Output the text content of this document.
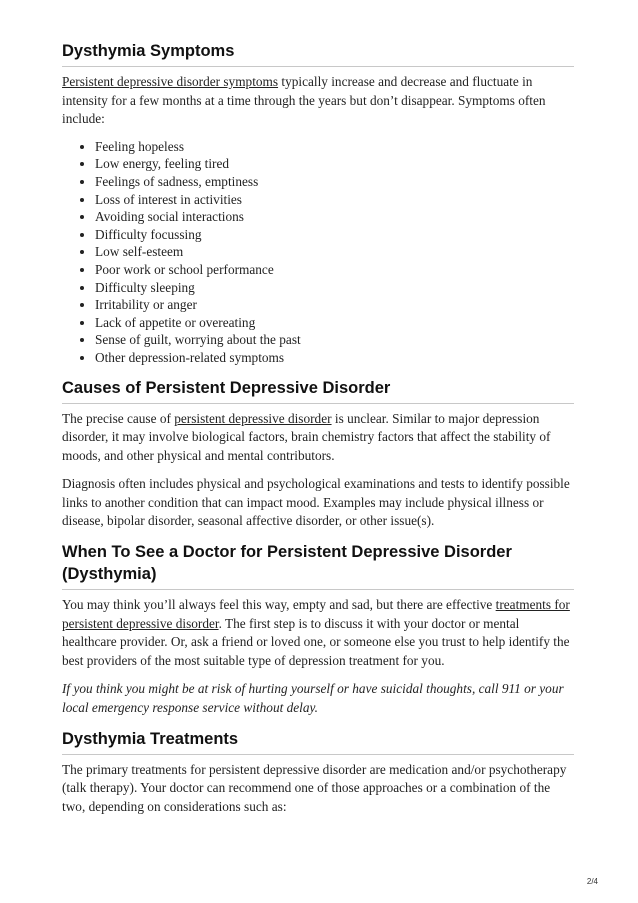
Dysthymia Symptoms

Persistent depressive disorder symptoms typically increase and decrease and fluctuate in intensity for a few months at a time through the years but don’t disappear. Symptoms often include:

• Feeling hopeless
• Low energy, feeling tired
• Feelings of sadness, emptiness
• Loss of interest in activities
• Avoiding social interactions
• Difficulty focussing
• Low self-esteem
• Poor work or school performance
• Difficulty sleeping
• Irritability or anger
• Lack of appetite or overeating
• Sense of guilt, worrying about the past
• Other depression-related symptoms
Causes of Persistent Depressive Disorder

The precise cause of persistent depressive disorder is unclear. Similar to major depression disorder, it may involve biological factors, brain chemistry factors that affect the stability of moods, and other physical and mental contributors.

Diagnosis often includes physical and psychological examinations and tests to identify possible links to another condition that can impact mood. Examples may include physical illness or disease, bipolar disorder, seasonal affective disorder, or other issue(s).

When To See a Doctor for Persistent Depressive Disorder (Dysthymia)

You may think you’ll always feel this way, empty and sad, but there are effective treatments for persistent depressive disorder. The first step is to discuss it with your doctor or mental healthcare provider. Or, ask a friend or loved one, or someone else you trust to help identify the best providers of the most suitable type of depression treatment for you.

If you think you might be at risk of hurting yourself or have suicidal thoughts, call 911 or your local emergency response service without delay.

Dysthymia Treatments

The primary treatments for persistent depressive disorder are medication and/or psychotherapy (talk therapy). Your doctor can recommend one of those approaches or a combination of the two, depending on considerations such as:

2/4
